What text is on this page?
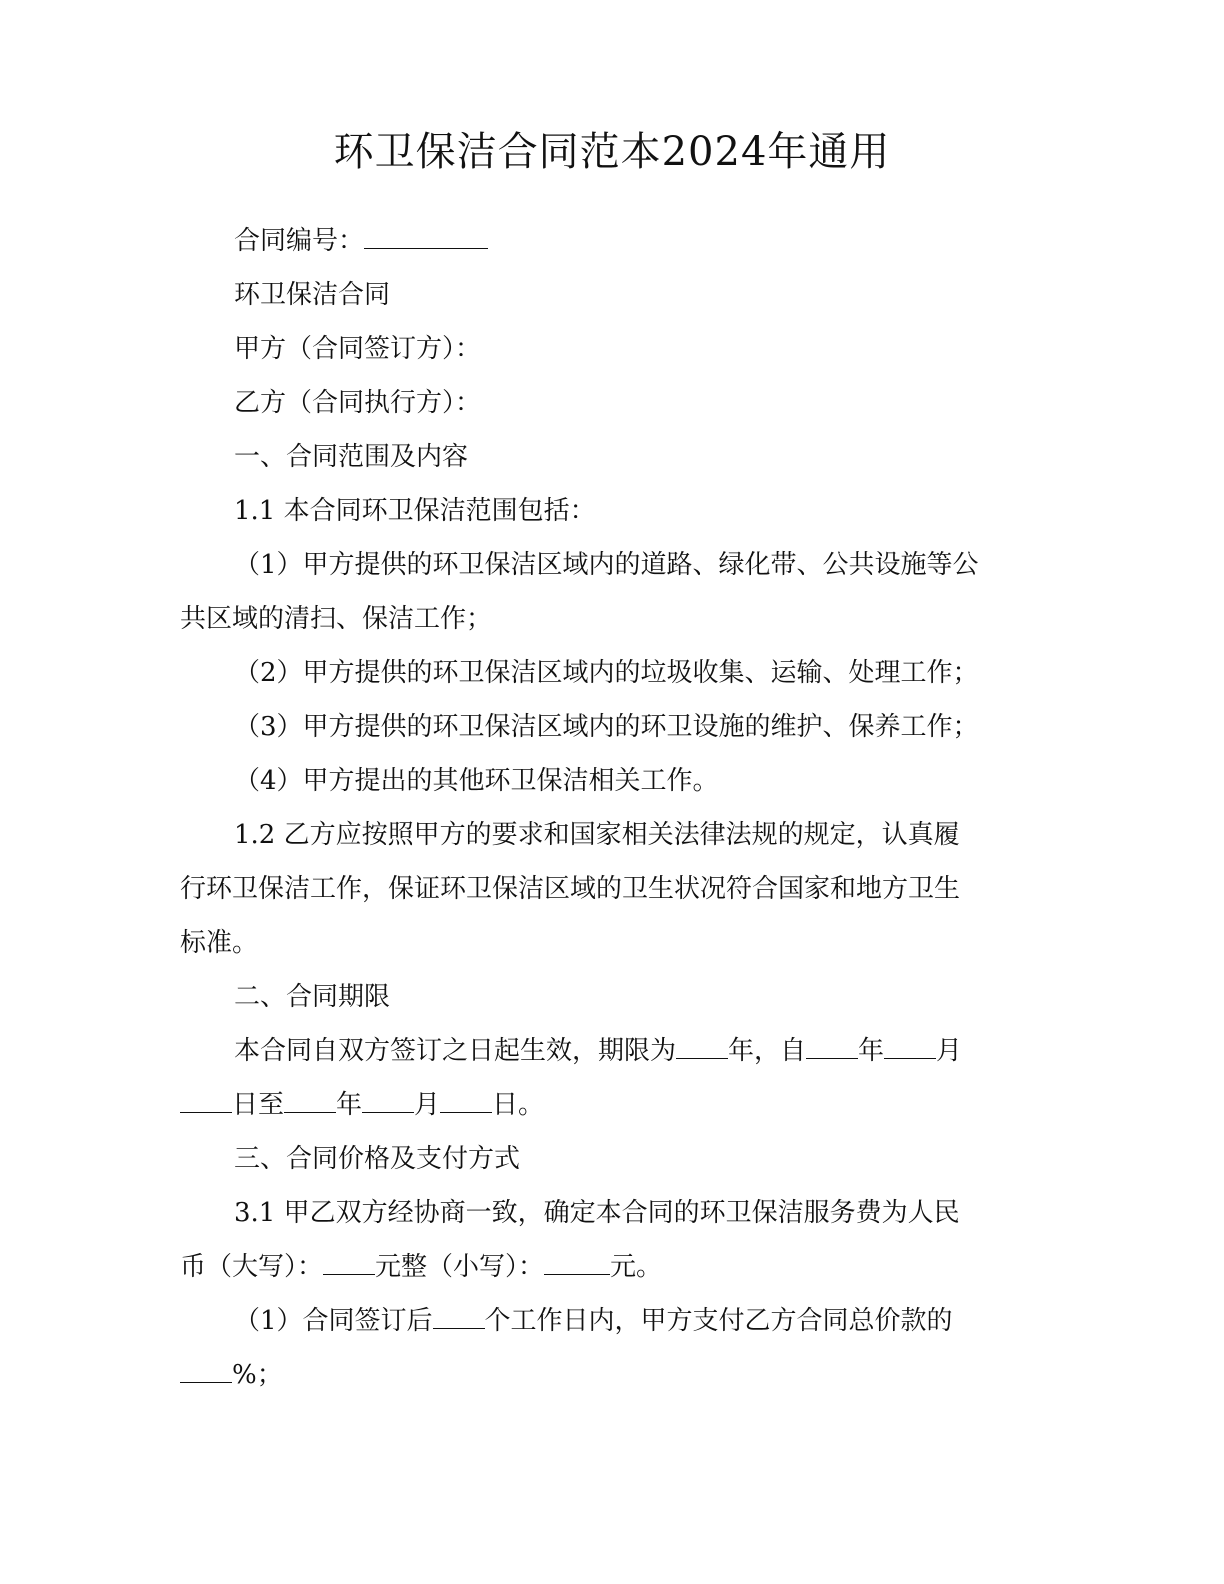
环卫保洁合同范本2024年通用
合同编号：
环卫保洁合同
甲方（合同签订方）：
乙方（合同执行方）：
一、合同范围及内容
1.1 本合同环卫保洁范围包括：
（1）甲方提供的环卫保洁区域内的道路、绿化带、公共设施等公
共区域的清扫、保洁工作；
（2）甲方提供的环卫保洁区域内的垃圾收集、运输、处理工作；
（3）甲方提供的环卫保洁区域内的环卫设施的维护、保养工作；
（4）甲方提出的其他环卫保洁相关工作。
1.2 乙方应按照甲方的要求和国家相关法律法规的规定，认真履
行环卫保洁工作，保证环卫保洁区域的卫生状况符合国家和地方卫生
标准。
二、合同期限
本合同自双方签订之日起生效，期限为 年，自 年 月
日至 年 月 日。
三、合同价格及支付方式
3.1 甲乙双方经协商一致，确定本合同的环卫保洁服务费为人民
币（大写）： 元整（小写）：	元。
（1）合同签订后 个工作日内，甲方支付乙方合同总价款的
%；
